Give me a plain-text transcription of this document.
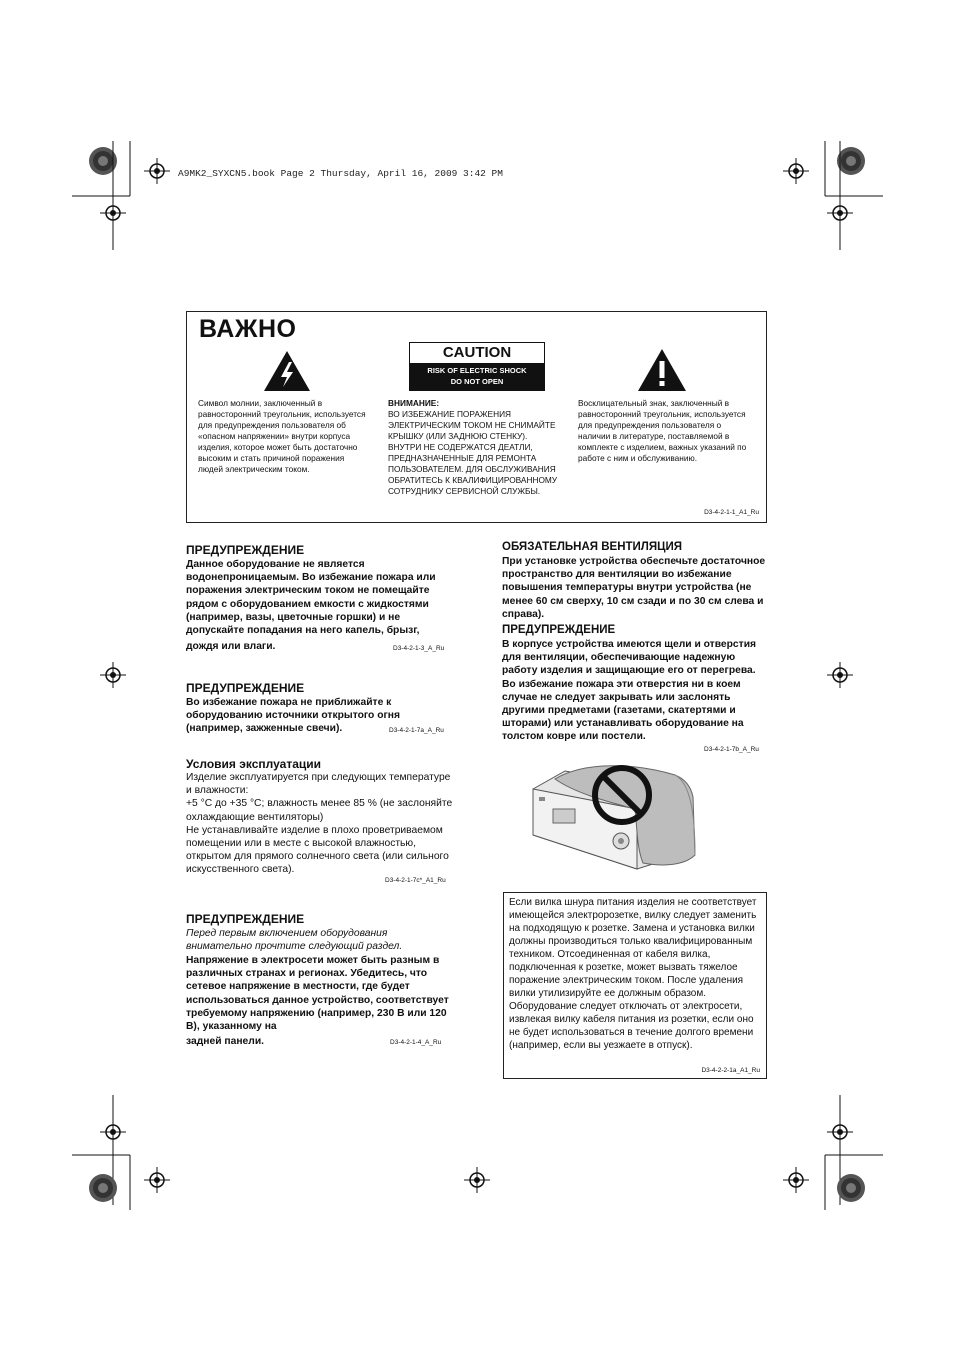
A9MK2_SYXCN5.book Page 2 Thursday, April 16, 2009 3:42 PM
ВАЖНО
CAUTION
RISK OF ELECTRIC SHOCK
DO NOT OPEN
Символ молнии, заключенный в равносторонний треугольник, используется для предупреждения пользователя об «опасном напряжении» внутри корпуса изделия, которое может быть достаточно высоким и стать причиной поражения людей электрическим током.
ВНИМАНИЕ:
ВО ИЗБЕЖАНИЕ ПОРАЖЕНИЯ ЭЛЕКТРИЧЕСКИМ ТОКОМ НЕ СНИМАЙТЕ КРЫШКУ (ИЛИ ЗАДНЮЮ СТЕНКУ). ВНУТРИ НЕ СОДЕРЖАТСЯ ДЕАТЛИ, ПРЕДНАЗНАЧЕННЫЕ ДЛЯ РЕМОНТА ПОЛЬЗОВАТЕЛЕМ. ДЛЯ ОБСЛУЖИВАНИЯ ОБРАТИТЕСЬ К КВАЛИФИЦИРОВАННОМУ СОТРУДНИКУ СЕРВИСНОЙ СЛУЖБЫ.
Восклицательный знак, заключенный в равносторонний треугольник, используется для предупреждения пользователя о наличии в литературе, поставляемой в комплекте с изделием, важных указаний по работе с ним и обслуживанию.
D3-4-2-1-1_A1_Ru
ПРЕДУПРЕЖДЕНИЕ
Данное оборудование не является водонепроницаемым. Во избежание пожара или поражения электрическим током не помещайте рядом с оборудованием емкости с жидкостями (например, вазы, цветочные горшки) и не допускайте попадания на него капель, брызг,
дождя или влаги.	D3-4-2-1-3_A_Ru
ПРЕДУПРЕЖДЕНИЕ
Во избежание пожара не приближайте к оборудованию источники открытого огня
(например, зажженные свечи).	D3-4-2-1-7a_A_Ru
Условия эксплуатации
Изделие эксплуатируется при следующих температуре и влажности:
+5 °C до +35 °C; влажность менее 85 % (не заслоняйте охлаждающие вентиляторы)
Не устанавливайте изделие в плохо проветриваемом помещении или в месте с высокой влажностью, открытом для прямого солнечного света (или сильного искусственного света).
D3-4-2-1-7c*_A1_Ru
ПРЕДУПРЕЖДЕНИЕ
Перед первым включением оборудования внимательно прочтите следующий раздел.
Напряжение в электросети может быть разным в различных странах и регионах. Убедитесь, что сетевое напряжение в местности, где будет использоваться данное устройство, соответствует требуемому напряжению (например, 230 В или 120 В), указанному на
задней панели.	D3-4-2-1-4_A_Ru
ОБЯЗАТЕЛЬНАЯ ВЕНТИЛЯЦИЯ
При установке устройства обеспечьте достаточное пространство для вентиляции во избежание повышения температуры внутри устройства (не менее 60 см сверху, 10 см сзади и по 30 см слева и справа).
ПРЕДУПРЕЖДЕНИЕ
В корпусе устройства имеются щели и отверстия для вентиляции, обеспечивающие надежную работу изделия и защищающие его от перегрева. Во избежание пожара эти отверстия ни в коем случае не следует закрывать или заслонять другими предметами (газетами, скатертями и шторами) или устанавливать оборудование на толстом ковре или постели.
D3-4-2-1-7b_A_Ru
Если вилка шнура питания изделия не соответствует имеющейся электророзетке, вилку следует заменить на подходящую к розетке. Замена и установка вилки должны производиться только квалифицированным техником. Отсоединенная от кабеля вилка, подключенная к розетке, может вызвать тяжелое поражение электрическим током. После удаления вилки утилизируйте ее должным образом. Оборудование следует отключать от электросети, извлекая вилку кабеля питания из розетки, если оно не будет использоваться в течение долгого времени (например, если вы уезжаете в отпуск).
D3-4-2-2-1a_A1_Ru
